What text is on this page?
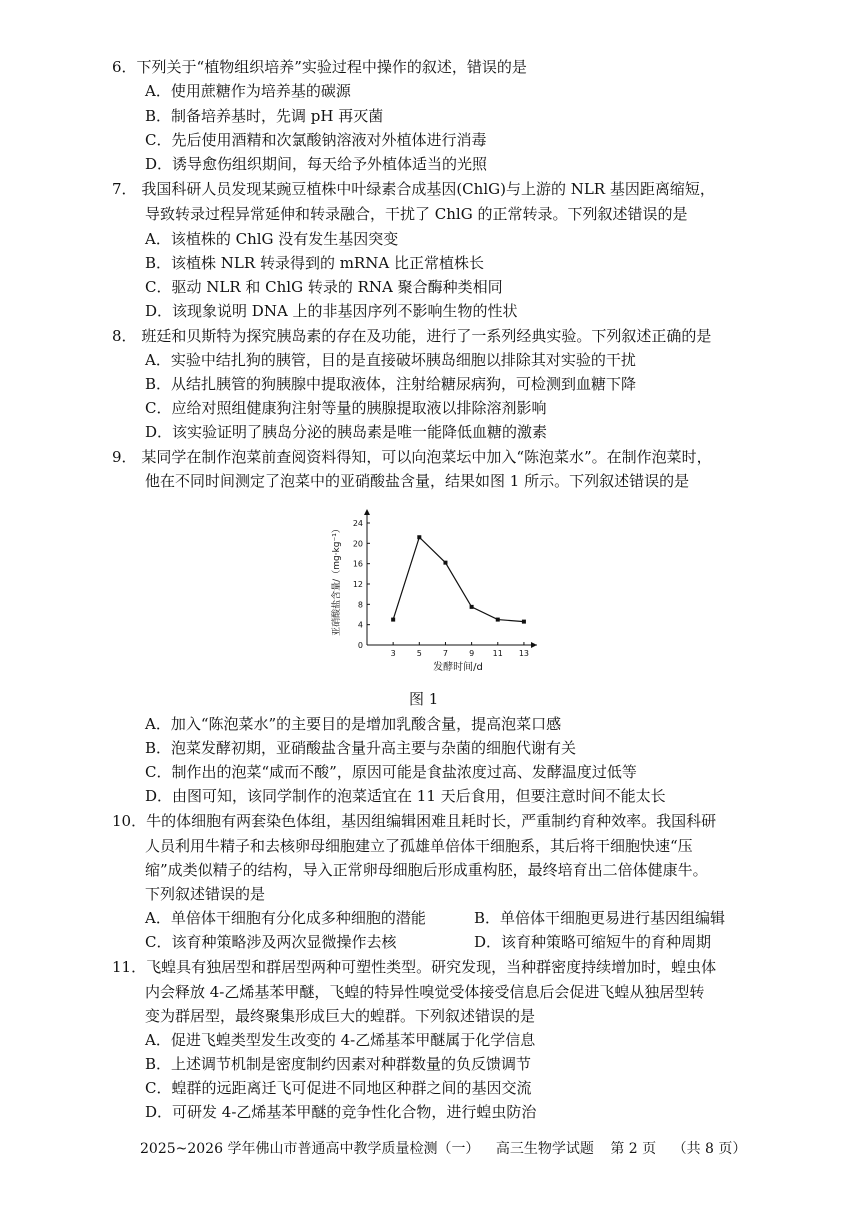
6．下列关于“植物组织培养”实验过程中操作的叙述，错误的是
A．使用蔗糖作为培养基的碳源
B．制备培养基时，先调 pH 再灭菌
C．先后使用酒精和次氯酸钠溶液对外植体进行消毒
D．诱导愈伤组织期间，每天给予外植体适当的光照
7． 我国科研人员发现某豌豆植株中叶绿素合成基因(ChlG)与上游的 NLR 基因距离缩短，
导致转录过程异常延伸和转录融合，干扰了 ChlG 的正常转录。下列叙述错误的是
A．该植株的 ChlG 没有发生基因突变
B．该植株 NLR 转录得到的 mRNA 比正常植株长
C．驱动 NLR 和 ChlG 转录的 RNA 聚合酶种类相同
D．该现象说明 DNA 上的非基因序列不影响生物的性状
8． 班廷和贝斯特为探究胰岛素的存在及功能，进行了一系列经典实验。下列叙述正确的是
A．实验中结扎狗的胰管，目的是直接破坏胰岛细胞以排除其对实验的干扰
B．从结扎胰管的狗胰腺中提取液体，注射给糖尿病狗，可检测到血糖下降
C．应给对照组健康狗注射等量的胰腺提取液以排除溶剂影响
D．该实验证明了胰岛分泌的胰岛素是唯一能降低血糖的激素
9． 某同学在制作泡菜前查阅资料得知，可以向泡菜坛中加入“陈泡菜水”。在制作泡菜时，
他在不同时间测定了泡菜中的亚硝酸盐含量，结果如图 1 所示。下列叙述错误的是
0
4
8
12
16
20
24
3	5	7	9 11 13
发酵时间/d
亚硝酸盐含量/（mg·kg⁻¹）
图 1
A．加入“陈泡菜水”的主要目的是增加乳酸含量，提高泡菜口感
B．泡菜发酵初期，亚硝酸盐含量升高主要与杂菌的细胞代谢有关
C．制作出的泡菜“咸而不酸”，原因可能是食盐浓度过高、发酵温度过低等
D．由图可知，该同学制作的泡菜适宜在 11 天后食用，但要注意时间不能太长
10．牛的体细胞有两套染色体组，基因组编辑困难且耗时长，严重制约育种效率。我国科研
人员利用牛精子和去核卵母细胞建立了孤雄单倍体干细胞系，其后将干细胞快速“压
缩”成类似精子的结构，导入正常卵母细胞后形成重构胚，最终培育出二倍体健康牛。
下列叙述错误的是
A．单倍体干细胞有分化成多种细胞的潜能	B．单倍体干细胞更易进行基因组编辑
C．该育种策略涉及两次显微操作去核	D．该育种策略可缩短牛的育种周期
11．飞蝗具有独居型和群居型两种可塑性类型。研究发现，当种群密度持续增加时，蝗虫体
内会释放 4-乙烯基苯甲醚，飞蝗的特异性嗅觉受体接受信息后会促进飞蝗从独居型转
变为群居型，最终聚集形成巨大的蝗群。下列叙述错误的是
A．促进飞蝗类型发生改变的 4-乙烯基苯甲醚属于化学信息
B．上述调节机制是密度制约因素对种群数量的负反馈调节
C．蝗群的远距离迁飞可促进不同地区种群之间的基因交流
D．可研发 4-乙烯基苯甲醚的竞争性化合物，进行蝗虫防治
2025~2026 学年佛山市普通高中教学质量检测（一） 高三生物学试题 第 2 页 （共 8 页）
